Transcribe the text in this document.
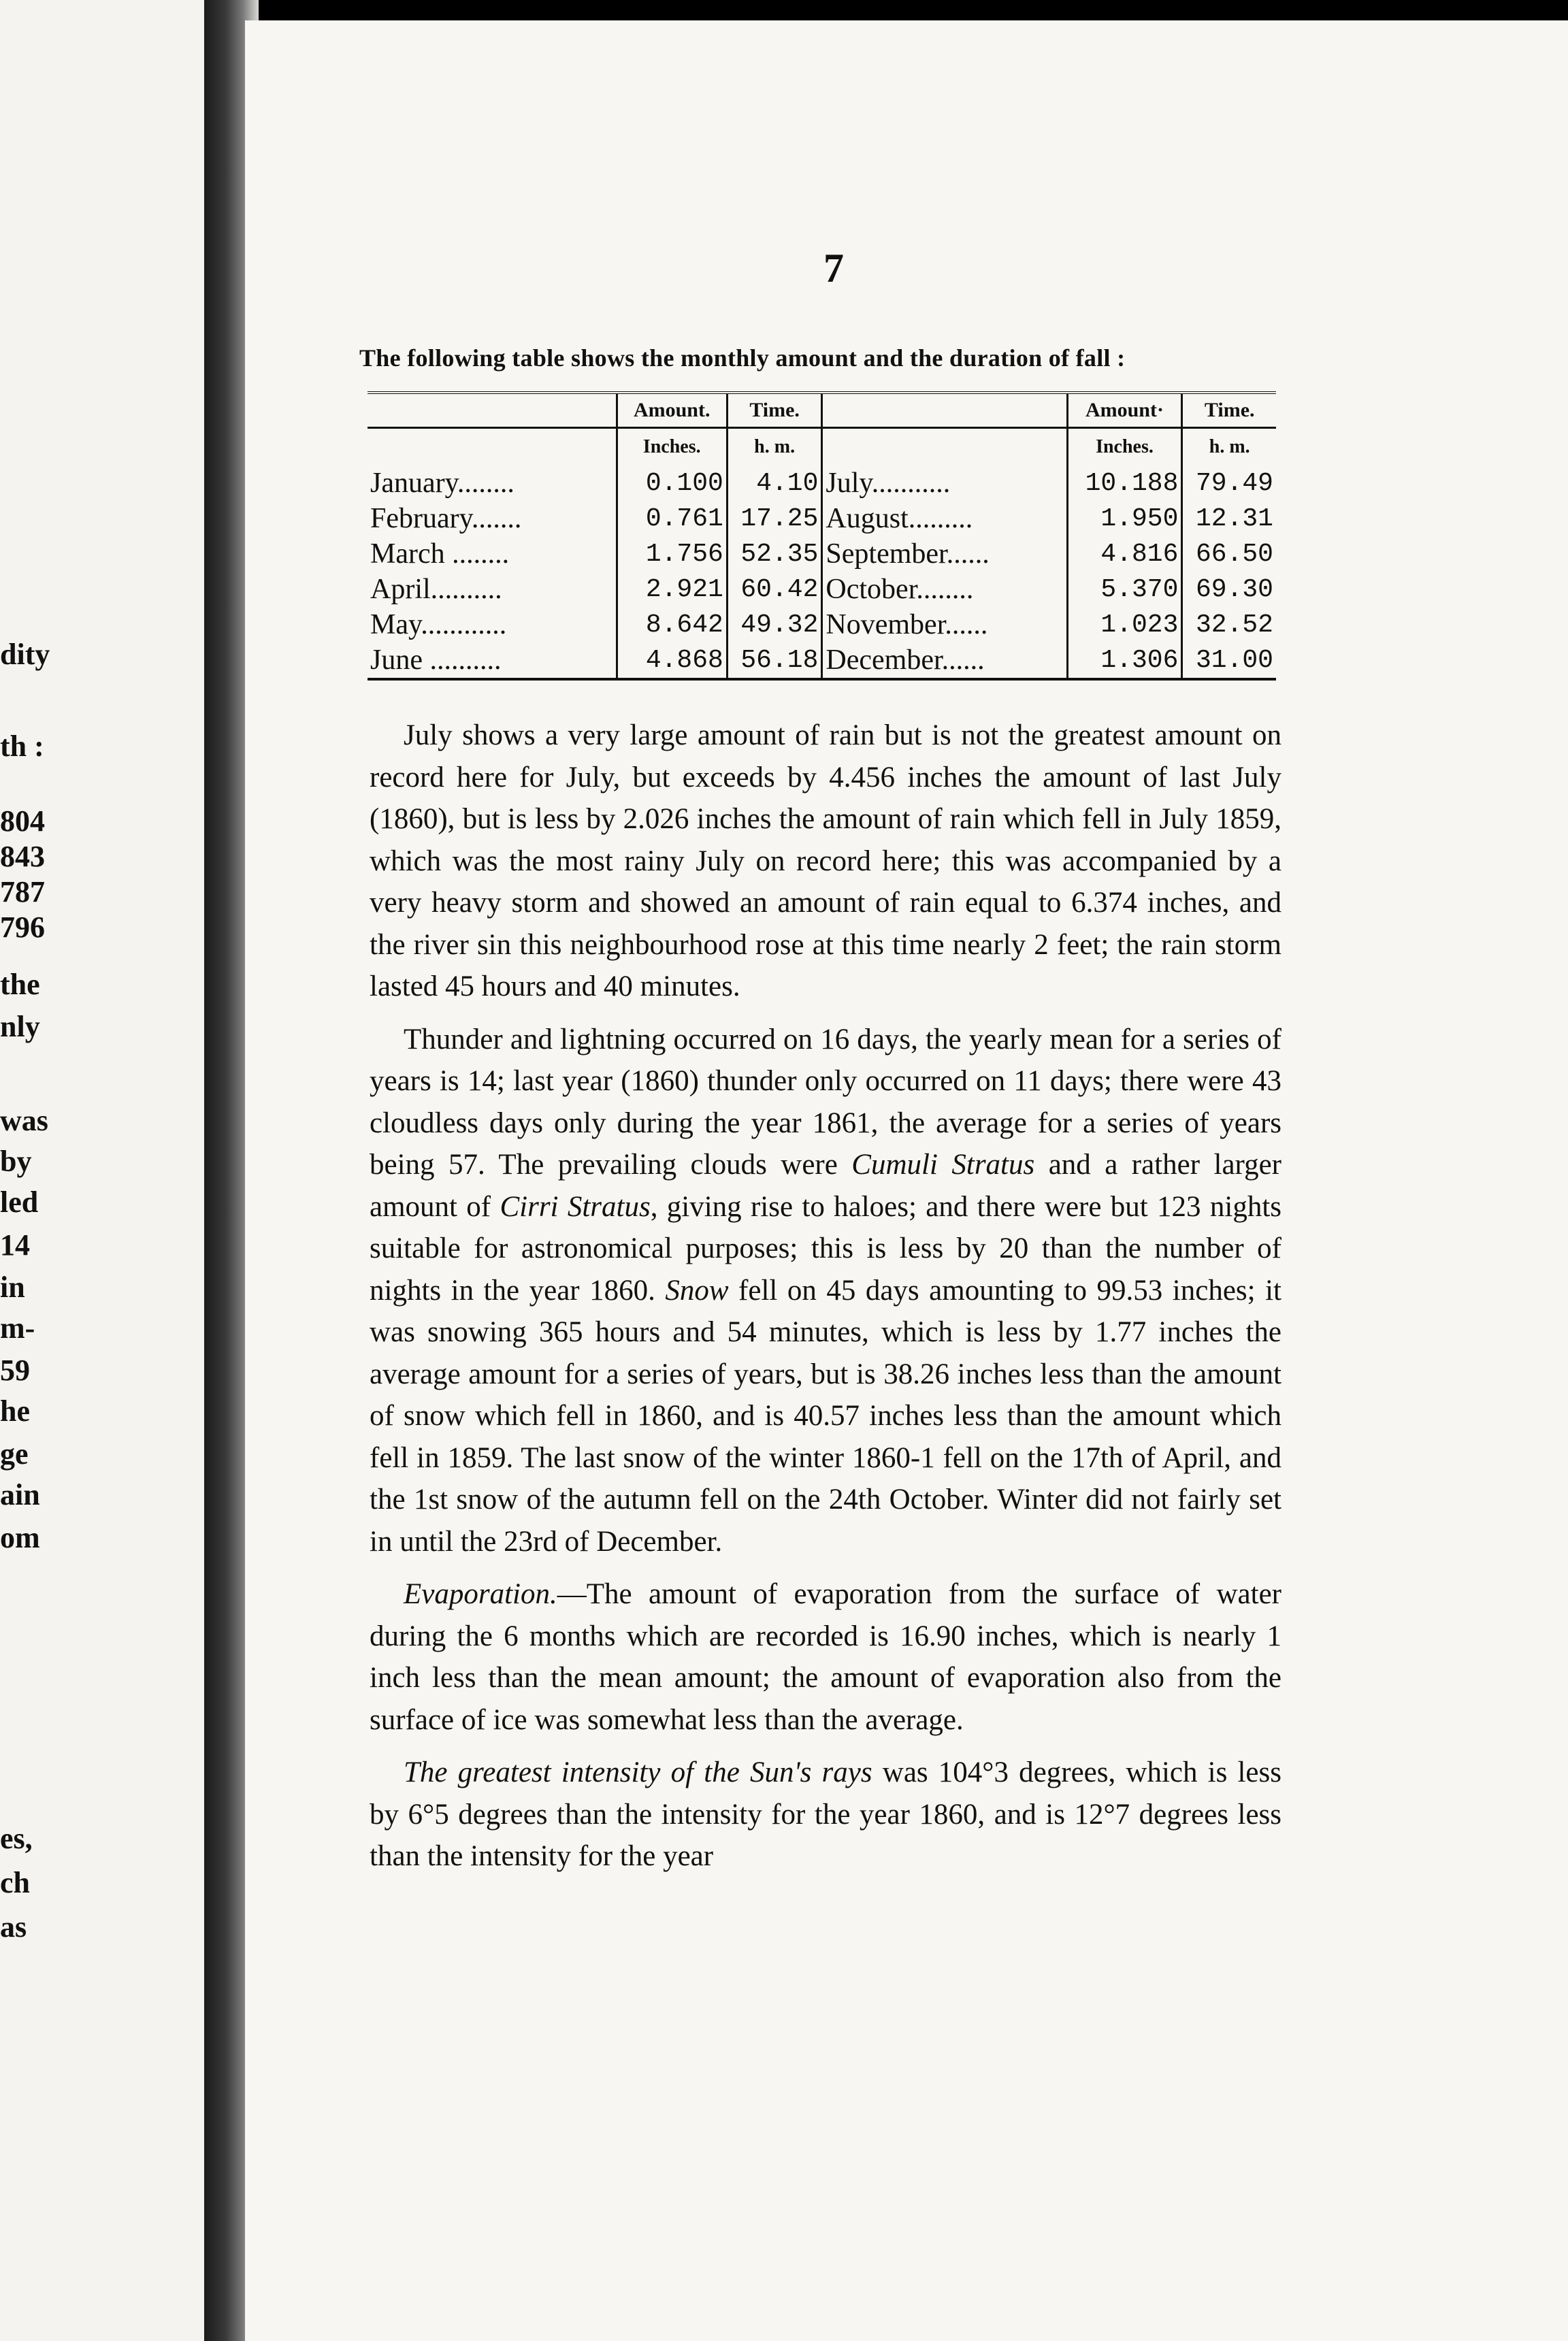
dity
th :
804
843
787
796
the
nly
was
by
led
14
in
m-
59
he
ge
ain
om
es,
ch
as
7
The following table shows the monthly amount and the duration of fall :
	Amount.	Time.		Amount·	Time.
	Inches.	h. m.		Inches.	h. m.
January........	0.100	4.10	July...........	10.188	79.49
February.......	0.761	17.25	August.........	1.950	12.31
March ........	1.756	52.35	September......	4.816	66.50
April..........	2.921	60.42	October........	5.370	69.30
May............	8.642	49.32	November......	1.023	32.52
June ..........	4.868	56.18	December......	1.306	31.00

July shows a very large amount of rain but is not the greatest amount on record here for July, but exceeds by 4.456 inches the amount of last July (1860), but is less by 2.026 inches the amount of rain which fell in July 1859, which was the most rainy July on record here; this was accompanied by a very heavy storm and showed an amount of rain equal to 6.374 inches, and the river sin this neighbourhood rose at this time nearly 2 feet; the rain storm lasted 45 hours and 40 minutes.

Thunder and lightning occurred on 16 days, the yearly mean for a series of years is 14; last year (1860) thunder only occurred on 11 days; there were 43 cloudless days only during the year 1861, the average for a series of years being 57. The prevailing clouds were Cumuli Stratus and a rather larger amount of Cirri Stratus, giving rise to haloes; and there were but 123 nights suitable for astronomical purposes; this is less by 20 than the number of nights in the year 1860. Snow fell on 45 days amounting to 99.53 inches; it was snowing 365 hours and 54 minutes, which is less by 1.77 inches the average amount for a series of years, but is 38.26 inches less than the amount of snow which fell in 1860, and is 40.57 inches less than the amount which fell in 1859. The last snow of the winter 1860-1 fell on the 17th of April, and the 1st snow of the autumn fell on the 24th October. Winter did not fairly set in until the 23rd of December.

Evaporation.—The amount of evaporation from the surface of water during the 6 months which are recorded is 16.90 inches, which is nearly 1 inch less than the mean amount; the amount of evaporation also from the surface of ice was somewhat less than the average.

The greatest intensity of the Sun's rays was 104°3 degrees, which is less by 6°5 degrees than the intensity for the year 1860, and is 12°7 degrees less than the intensity for the year
